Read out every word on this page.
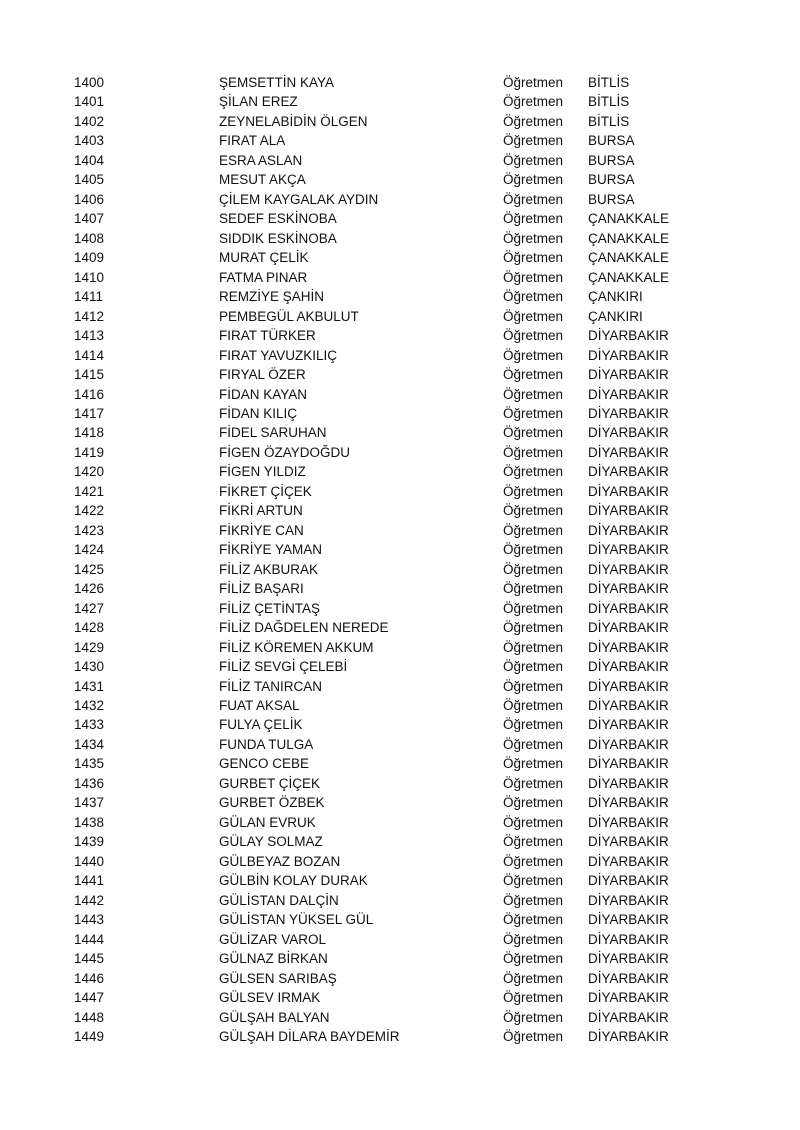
1400	ŞEMSETTİN KAYA	Öğretmen BİTLİS
1401	ŞİLAN EREZ	Öğretmen BİTLİS
1402	ZEYNELABİDİN ÖLGEN	Öğretmen BİTLİS
1403	FIRAT ALA	Öğretmen BURSA
1404	ESRA ASLAN	Öğretmen BURSA
1405	MESUT AKÇA	Öğretmen BURSA
1406	ÇİLEM KAYGALAK AYDIN	Öğretmen BURSA
1407	SEDEF ESKİNOBA	Öğretmen ÇANAKKALE
1408	SIDDIK ESKİNOBA	Öğretmen ÇANAKKALE
1409	MURAT ÇELİK	Öğretmen ÇANAKKALE
1410	FATMA PINAR	Öğretmen ÇANAKKALE
1411	REMZİYE ŞAHİN	Öğretmen ÇANKIRI
1412	PEMBEGÜL AKBULUT	Öğretmen ÇANKIRI
1413	FIRAT TÜRKER	Öğretmen DİYARBAKIR
1414	FIRAT YAVUZKILIÇ	Öğretmen DİYARBAKIR
1415	FIRYAL ÖZER	Öğretmen DİYARBAKIR
1416	FİDAN KAYAN	Öğretmen DİYARBAKIR
1417	FİDAN KILIÇ	Öğretmen DİYARBAKIR
1418	FİDEL SARUHAN	Öğretmen DİYARBAKIR
1419	FİGEN ÖZAYDOĞDU	Öğretmen DİYARBAKIR
1420	FİGEN YILDIZ	Öğretmen DİYARBAKIR
1421	FİKRET ÇİÇEK	Öğretmen DİYARBAKIR
1422	FİKRİ ARTUN	Öğretmen DİYARBAKIR
1423	FİKRİYE CAN	Öğretmen DİYARBAKIR
1424	FİKRİYE YAMAN	Öğretmen DİYARBAKIR
1425	FİLİZ AKBURAK	Öğretmen DİYARBAKIR
1426	FİLİZ BAŞARI	Öğretmen DİYARBAKIR
1427	FİLİZ ÇETİNTAŞ	Öğretmen DİYARBAKIR
1428	FİLİZ DAĞDELEN NEREDE	Öğretmen DİYARBAKIR
1429	FİLİZ KÖREMEN AKKUM	Öğretmen DİYARBAKIR
1430	FİLİZ SEVGİ ÇELEBİ	Öğretmen DİYARBAKIR
1431	FİLİZ TANIRCAN	Öğretmen DİYARBAKIR
1432	FUAT AKSAL	Öğretmen DİYARBAKIR
1433	FULYA ÇELİK	Öğretmen DİYARBAKIR
1434	FUNDA TULGA	Öğretmen DİYARBAKIR
1435	GENCO CEBE	Öğretmen DİYARBAKIR
1436	GURBET ÇİÇEK	Öğretmen DİYARBAKIR
1437	GURBET ÖZBEK	Öğretmen DİYARBAKIR
1438	GÜLAN EVRUK	Öğretmen DİYARBAKIR
1439	GÜLAY SOLMAZ	Öğretmen DİYARBAKIR
1440	GÜLBEYAZ BOZAN	Öğretmen DİYARBAKIR
1441	GÜLBİN KOLAY DURAK	Öğretmen DİYARBAKIR
1442	GÜLİSTAN DALÇİN	Öğretmen DİYARBAKIR
1443	GÜLİSTAN YÜKSEL GÜL	Öğretmen DİYARBAKIR
1444	GÜLİZAR VAROL	Öğretmen DİYARBAKIR
1445	GÜLNAZ BİRKAN	Öğretmen DİYARBAKIR
1446	GÜLSEN SARIBAŞ	Öğretmen DİYARBAKIR
1447	GÜLSEV IRMAK	Öğretmen DİYARBAKIR
1448	GÜLŞAH BALYAN	Öğretmen DİYARBAKIR
1449	GÜLŞAH DİLARA BAYDEMİR	Öğretmen DİYARBAKIR
